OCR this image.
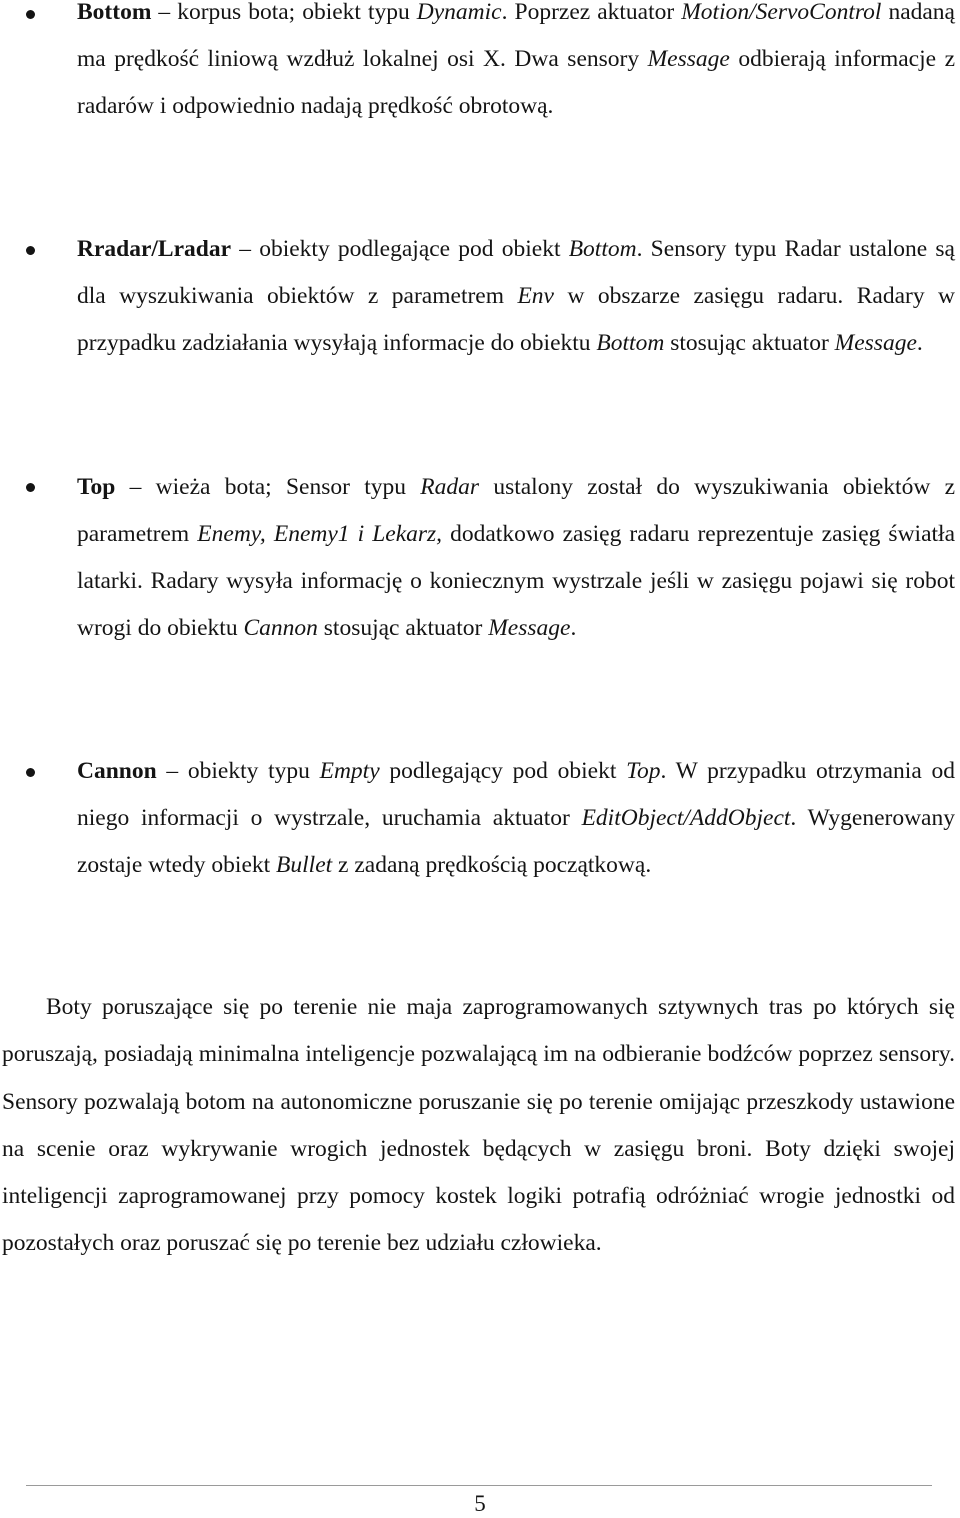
Bottom – korpus bota; obiekt typu Dynamic. Poprzez aktuator Motion/ServoControl nadaną ma prędkość liniową wzdłuż lokalnej osi X. Dwa sensory Message odbierają informacje z radarów i odpowiednio nadają prędkość obrotową.
Rradar/Lradar – obiekty podlegające pod obiekt Bottom. Sensory typu Radar ustalone są dla wyszukiwania obiektów z parametrem Env w obszarze zasięgu radaru. Radary w przypadku zadziałania wysyłają informacje do obiektu Bottom stosując aktuator Message.
Top – wieża bota; Sensor typu Radar ustalony został do wyszukiwania obiektów z parametrem Enemy, Enemy1 i Lekarz, dodatkowo zasięg radaru reprezentuje zasięg światła latarki. Radary wysyła informację o koniecznym wystrzale jeśli w zasięgu pojawi się robot wrogi do obiektu Cannon stosując aktuator Message.
Cannon – obiekty typu Empty podlegający pod obiekt Top. W przypadku otrzymania od niego informacji o wystrzale, uruchamia aktuator EditObject/AddObject. Wygenerowany zostaje wtedy obiekt Bullet z zadaną prędkością początkową.

Boty poruszające się po terenie nie maja zaprogramowanych sztywnych tras po których się poruszają, posiadają minimalna inteligencje pozwalającą im na odbieranie bodźców poprzez sensory. Sensory pozwalają botom na autonomiczne poruszanie się po terenie omijając przeszkody ustawione na scenie oraz wykrywanie wrogich jednostek będących w zasięgu broni. Boty dzięki swojej inteligencji zaprogramowanej przy pomocy kostek logiki potrafią odróżniać wrogie jednostki od pozostałych oraz poruszać się po terenie bez udziału człowieka.

5
